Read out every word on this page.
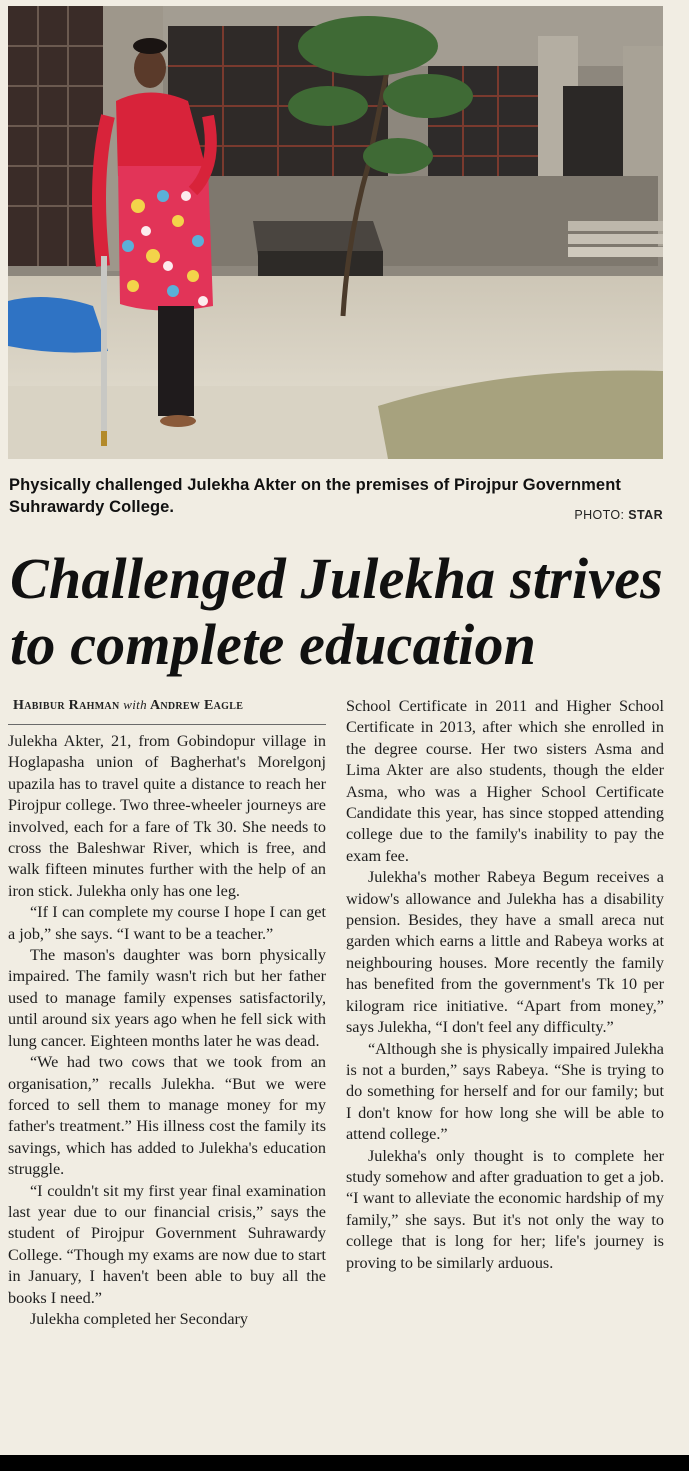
Physically challenged Julekha Akter on the premises of Pirojpur Government Suhrawardy College.	PHOTO: STAR
Challenged Julekha strives
to complete education
Habibur Rahman with Andrew Eagle

Julekha Akter, 21, from Gobindopur village in Hoglapasha union of Bagherhat's Morelgonj upazila has to travel quite a distance to reach her Pirojpur college. Two three-wheeler journeys are involved, each for a fare of Tk 30. She needs to cross the Baleshwar River, which is free, and walk fifteen minutes further with the help of an iron stick. Julekha only has one leg.

“If I can complete my course I hope I can get a job,” she says. “I want to be a teacher.”

The mason's daughter was born physically impaired. The family wasn't rich but her father used to manage family expenses satisfactorily, until around six years ago when he fell sick with lung cancer. Eighteen months later he was dead.

“We had two cows that we took from an organisation,” recalls Julekha. “But we were forced to sell them to manage money for my father's treatment.” His illness cost the family its savings, which has added to Julekha's education struggle.

“I couldn't sit my first year final examination last year due to our financial crisis,” says the student of Pirojpur Government Suhrawardy College. “Though my exams are now due to start in January, I haven't been able to buy all the books I need.”

Julekha completed her Secondary

School Certificate in 2011 and Higher School Certificate in 2013, after which she enrolled in the degree course. Her two sisters Asma and Lima Akter are also students, though the elder Asma, who was a Higher School Certificate Candidate this year, has since stopped attending college due to the family's inability to pay the exam fee.

Julekha's mother Rabeya Begum receives a widow's allowance and Julekha has a disability pension. Besides, they have a small areca nut garden which earns a little and Rabeya works at neighbouring houses. More recently the family has benefited from the government's Tk 10 per kilogram rice initiative. “Apart from money,” says Julekha, “I don't feel any difficulty.”

“Although she is physically impaired Julekha is not a burden,” says Rabeya. “She is trying to do something for herself and for our family; but I don't know for how long she will be able to attend college.”

Julekha's only thought is to complete her study somehow and after graduation to get a job. “I want to alleviate the economic hardship of my family,” she says. But it's not only the way to college that is long for her; life's journey is proving to be similarly arduous.
